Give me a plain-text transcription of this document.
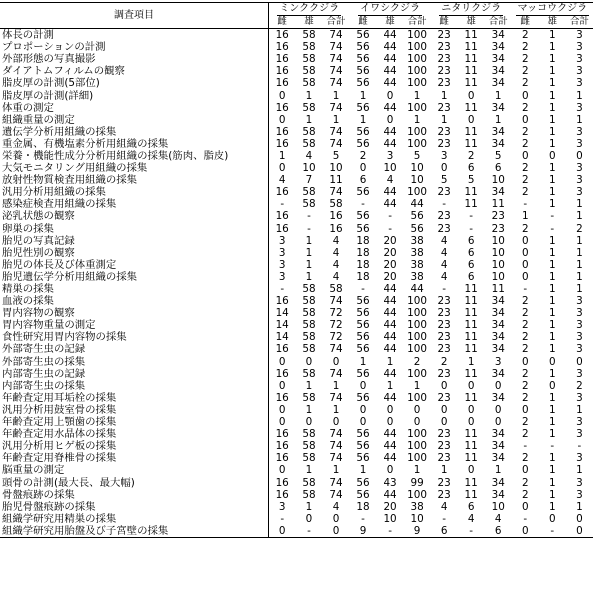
調査項目	ミンククジラ			イワシクジラ			ニタリクジラ			マッコウクジラ		
	雌	雄	合計	雌	雄	合計	雌	雄	合計	雌	雄	合計
体長の計測	16	58	74	56	44	100	23	11	34	2	1	3
プロポーションの計測	16	58	74	56	44	100	23	11	34	2	1	3
外部形態の写真撮影	16	58	74	56	44	100	23	11	34	2	1	3
ダイアトムフィルムの観察	16	58	74	56	44	100	23	11	34	2	1	3
脂皮厚の計測(5部位)	16	58	74	56	44	100	23	11	34	2	1	3
脂皮厚の計測(詳細)	0	1	1	1	0	1	1	0	1	0	1	1
体重の測定	16	58	74	56	44	100	23	11	34	2	1	3
組織重量の測定	0	1	1	1	0	1	1	0	1	0	1	1
遺伝学分析用組織の採集	16	58	74	56	44	100	23	11	34	2	1	3
重金属、有機塩素分析用組織の採集	16	58	74	56	44	100	23	11	34	2	1	3
栄養・機能性成分分析用組織の採集(筋肉、脂皮)	1	4	5	2	3	5	3	2	5	0	0	0
大気モニタリング用組織の採集	0	10	10	0	10	10	0	6	6	2	1	3
放射性物質検査用組織の採集	4	7	11	6	4	10	5	5	10	2	1	3
汎用分析用組織の採集	16	58	74	56	44	100	23	11	34	2	1	3
感染症検査用組織の採集	-	58	58	-	44	44	-	11	11	-	1	1
泌乳状態の観察	16	-	16	56	-	56	23	-	23	1	-	1
卵巣の採集	16	-	16	56	-	56	23	-	23	2	-	2
胎児の写真記録	3	1	4	18	20	38	4	6	10	0	1	1
胎児性別の観察	3	1	4	18	20	38	4	6	10	0	1	1
胎児の体長及び体重測定	3	1	4	18	20	38	4	6	10	0	1	1
胎児遺伝学分析用組織の採集	3	1	4	18	20	38	4	6	10	0	1	1
精巣の採集	-	58	58	-	44	44	-	11	11	-	1	1
血液の採集	16	58	74	56	44	100	23	11	34	2	1	3
胃内容物の観察	14	58	72	56	44	100	23	11	34	2	1	3
胃内容物重量の測定	14	58	72	56	44	100	23	11	34	2	1	3
食性研究用胃内容物の採集	14	58	72	56	44	100	23	11	34	2	1	3
外部寄生虫の記録	16	58	74	56	44	100	23	11	34	2	1	3
外部寄生虫の採集	0	0	0	1	1	2	2	1	3	0	0	0
内部寄生虫の記録	16	58	74	56	44	100	23	11	34	2	1	3
内部寄生虫の採集	0	1	1	0	1	1	0	0	0	2	0	2
年齢査定用耳垢栓の採集	16	58	74	56	44	100	23	11	34	2	1	3
汎用分析用鼓室骨の採集	0	1	1	0	0	0	0	0	0	0	1	1
年齢査定用上顎歯の採集	0	0	0	0	0	0	0	0	0	2	1	3
年齢査定用水晶体の採集	16	58	74	56	44	100	23	11	34	2	1	3
汎用分析用ヒゲ板の採集	16	58	74	56	44	100	23	11	34	-	-	-
年齢査定用脊椎骨の採集	16	58	74	56	44	100	23	11	34	2	1	3
脳重量の測定	0	1	1	1	0	1	1	0	1	0	1	1
頭骨の計測(最大長、最大幅)	16	58	74	56	43	99	23	11	34	2	1	3
骨盤痕跡の採集	16	58	74	56	44	100	23	11	34	2	1	3
胎児骨盤痕跡の採集	3	1	4	18	20	38	4	6	10	0	1	1
組織学研究用精巣の採集	-	0	0	-	10	10	-	4	4	-	0	0
組織学研究用胎盤及び子宮壁の採集	0	-	0	9	-	9	6	-	6	0	-	0
